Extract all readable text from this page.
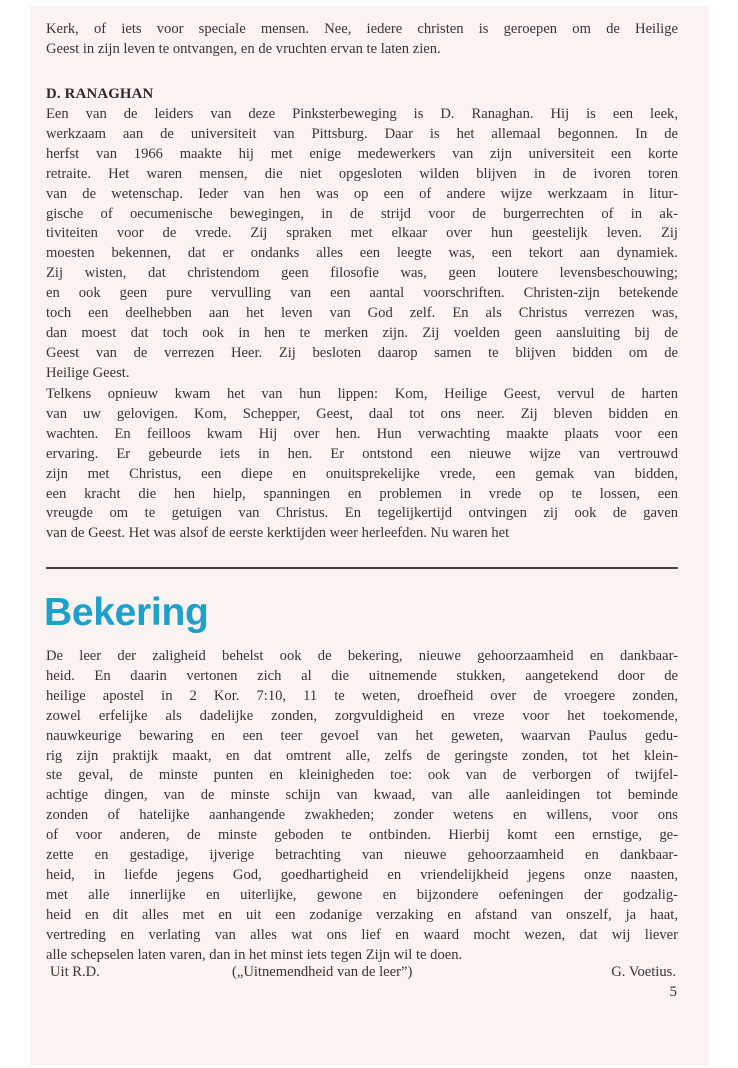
Kerk, of iets voor speciale mensen. Nee, iedere christen is geroepen om de Heilige
Geest in zijn leven te ontvangen, en de vruchten ervan te laten zien.

D. RANAGHAN

Een van de leiders van deze Pinksterbeweging is D. Ranaghan. Hij is een leek,
werkzaam aan de universiteit van Pittsburg. Daar is het allemaal begonnen. In de
herfst van 1966 maakte hij met enige medewerkers van zijn universiteit een korte
retraite. Het waren mensen, die niet opgesloten wilden blijven in de ivoren toren
van de wetenschap. Ieder van hen was op een of andere wijze werkzaam in litur-
gische of oecumenische bewegingen, in de strijd voor de burgerrechten of in ak-
tiviteiten voor de vrede. Zij spraken met elkaar over hun geestelijk leven. Zij
moesten bekennen, dat er ondanks alles een leegte was, een tekort aan dynamiek.
Zij wisten, dat christendom geen filosofie was, geen loutere levensbeschouwing;
en ook geen pure vervulling van een aantal voorschriften. Christen-zijn betekende
toch een deelhebben aan het leven van God zelf. En als Christus verrezen was,
dan moest dat toch ook in hen te merken zijn. Zij voelden geen aansluiting bij de
Geest van de verrezen Heer. Zij besloten daarop samen te blijven bidden om de
Heilige Geest.

Telkens opnieuw kwam het van hun lippen: Kom, Heilige Geest, vervul de harten
van uw gelovigen. Kom, Schepper, Geest, daal tot ons neer. Zij bleven bidden en
wachten. En feilloos kwam Hij over hen. Hun verwachting maakte plaats voor een
ervaring. Er gebeurde iets in hen. Er ontstond een nieuwe wijze van vertrouwd
zijn met Christus, een diepe en onuitsprekelijke vrede, een gemak van bidden,
een kracht die hen hielp, spanningen en problemen in vrede op te lossen, een
vreugde om te getuigen van Christus. En tegelijkertijd ontvingen zij ook de gaven
van de Geest. Het was alsof de eerste kerktijden weer herleefden. Nu waren het

Bekering

De leer der zaligheid behelst ook de bekering, nieuwe gehoorzaamheid en dankbaar-
heid. En daarin vertonen zich al die uitnemende stukken, aangetekend door de
heilige apostel in 2 Kor. 7:10, 11 te weten, droefheid over de vroegere zonden,
zowel erfelijke als dadelijke zonden, zorgvuldigheid en vreze voor het toekomende,
nauwkeurige bewaring en een teer gevoel van het geweten, waarvan Paulus gedu-
rig zijn praktijk maakt, en dat omtrent alle, zelfs de geringste zonden, tot het klein-
ste geval, de minste punten en kleinigheden toe: ook van de verborgen of twijfel-
achtige dingen, van de minste schijn van kwaad, van alle aanleidingen tot beminde
zonden of hatelijke aanhangende zwakheden; zonder wetens en willens, voor ons
of voor anderen, de minste geboden te ontbinden. Hierbij komt een ernstige, ge-
zette en gestadige, ijverige betrachting van nieuwe gehoorzaamheid en dankbaar-
heid, in liefde jegens God, goedhartigheid en vriendelijkheid jegens onze naasten,
met alle innerlijke en uiterlijke, gewone en bijzondere oefeningen der godzalig-
heid en dit alles met en uit een zodanige verzaking en afstand van onszelf, ja haat,
vertreding en verlating van alles wat ons lief en waard mocht wezen, dat wij liever
alle schepselen laten varen, dan in het minst iets tegen Zijn wil te doen.

Uit R.D.	(„Uitnemendheid van de leer”)	G. Voetius.
5
